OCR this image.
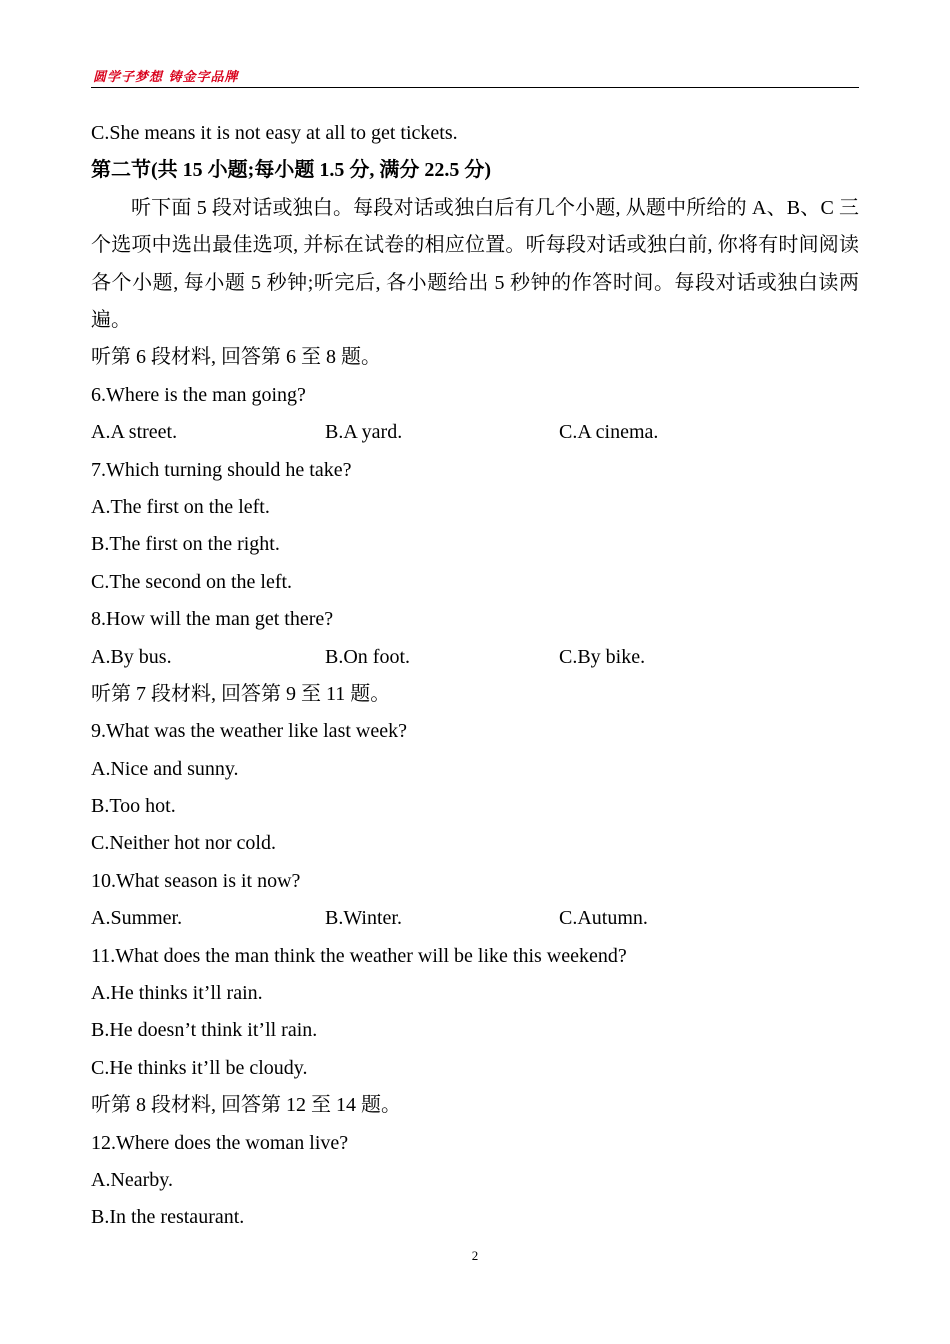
圆学子梦想 铸金字品牌
C.She means it is not easy at all to get tickets.
第二节(共 15 小题;每小题 1.5 分, 满分 22.5 分)
听下面 5 段对话或独白。每段对话或独白后有几个小题, 从题中所给的 A、B、C 三个选项中选出最佳选项, 并标在试卷的相应位置。听每段对话或独白前, 你将有时间阅读各个小题, 每小题 5 秒钟;听完后, 各小题给出 5 秒钟的作答时间。每段对话或独白读两遍。
听第 6 段材料, 回答第 6 至 8 题。
6.Where is the man going?
A.A street.	B.A yard.	C.A cinema.
7.Which turning should he take?
A.The first on the left.
B.The first on the right.
C.The second on the left.
8.How will the man get there?
A.By bus.	B.On foot.	C.By bike.
听第 7 段材料, 回答第 9 至 11 题。
9.What was the weather like last week?
A.Nice and sunny.
B.Too hot.
C.Neither hot nor cold.
10.What season is it now?
A.Summer.	B.Winter.	C.Autumn.
11.What does the man think the weather will be like this weekend?
A.He thinks it’ll rain.
B.He doesn’t think it’ll rain.
C.He thinks it’ll be cloudy.
听第 8 段材料, 回答第 12 至 14 题。
12.Where does the woman live?
A.Nearby.
B.In the restaurant.
2
